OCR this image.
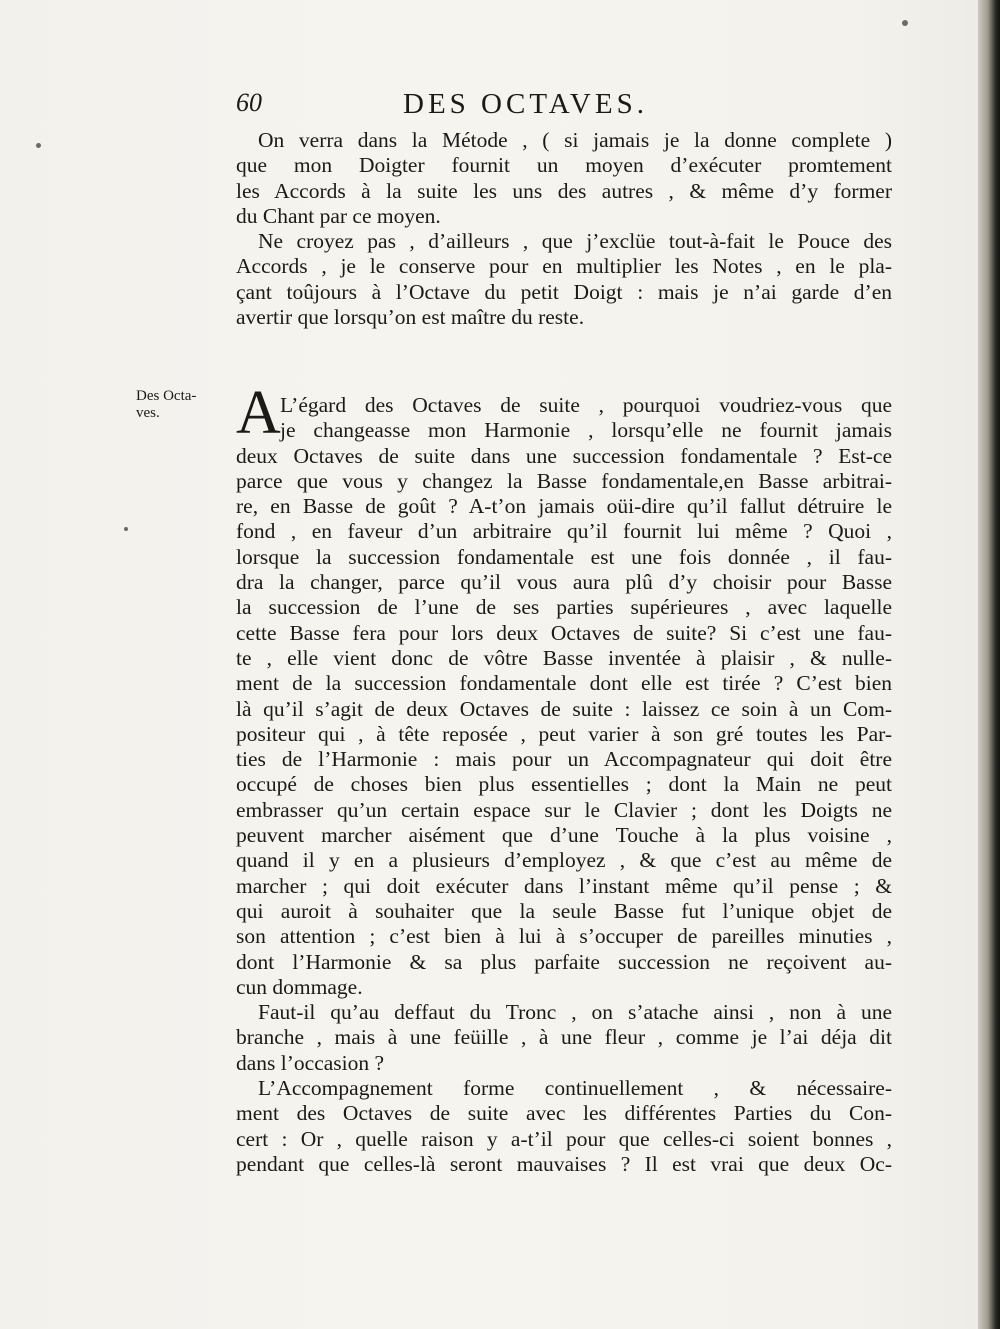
60	DES OCTAVES.
Des Octa-
ves.
On verra dans la Métode , ( si jamais je la donne complete )
que mon Doigter fournit un moyen d’exécuter promtement
les Accords à la suite les uns des autres , & même d’y former
du Chant par ce moyen.
Ne croyez pas , d’ailleurs , que j’exclüe tout-à-fait le Pouce des
Accords , je le conserve pour en multiplier les Notes , en le pla-
çant toûjours à l’Octave du petit Doigt : mais je n’ai garde d’en
avertir que lorsqu’on est maître du reste.
A L’égard des Octaves de suite , pourquoi voudriez-vous que
je changeasse mon Harmonie , lorsqu’elle ne fournit jamais
deux Octaves de suite dans une succession fondamentale ? Est-ce
parce que vous y changez la Basse fondamentale,en Basse arbitrai-
re, en Basse de goût ? A-t’on jamais oüi-dire qu’il fallut détruire le
fond , en faveur d’un arbitraire qu’il fournit lui même ? Quoi ,
lorsque la succession fondamentale est une fois donnée , il fau-
dra la changer, parce qu’il vous aura plû d’y choisir pour Basse
la succession de l’une de ses parties supérieures , avec laquelle
cette Basse fera pour lors deux Octaves de suite? Si c’est une fau-
te , elle vient donc de vôtre Basse inventée à plaisir , & nulle-
ment de la succession fondamentale dont elle est tirée ? C’est bien
là qu’il s’agit de deux Octaves de suite : laissez ce soin à un Com-
positeur qui , à tête reposée , peut varier à son gré toutes les Par-
ties de l’Harmonie : mais pour un Accompagnateur qui doit être
occupé de choses bien plus essentielles ; dont la Main ne peut
embrasser qu’un certain espace sur le Clavier ; dont les Doigts ne
peuvent marcher aisément que d’une Touche à la plus voisine ,
quand il y en a plusieurs d’employez , & que c’est au même de
marcher ; qui doit exécuter dans l’instant même qu’il pense ; &
qui auroit à souhaiter que la seule Basse fut l’unique objet de
son attention ; c’est bien à lui à s’occuper de pareilles minuties ,
dont l’Harmonie & sa plus parfaite succession ne reçoivent au-
cun dommage.
Faut-il qu’au deffaut du Tronc , on s’atache ainsi , non à une
branche , mais à une feüille , à une fleur , comme je l’ai déja dit
dans l’occasion ?
L’Accompagnement forme continuellement , & nécessaire-
ment des Octaves de suite avec les différentes Parties du Con-
cert : Or , quelle raison y a-t’il pour que celles-ci soient bonnes ,
pendant que celles-là seront mauvaises ? Il est vrai que deux Oc-
